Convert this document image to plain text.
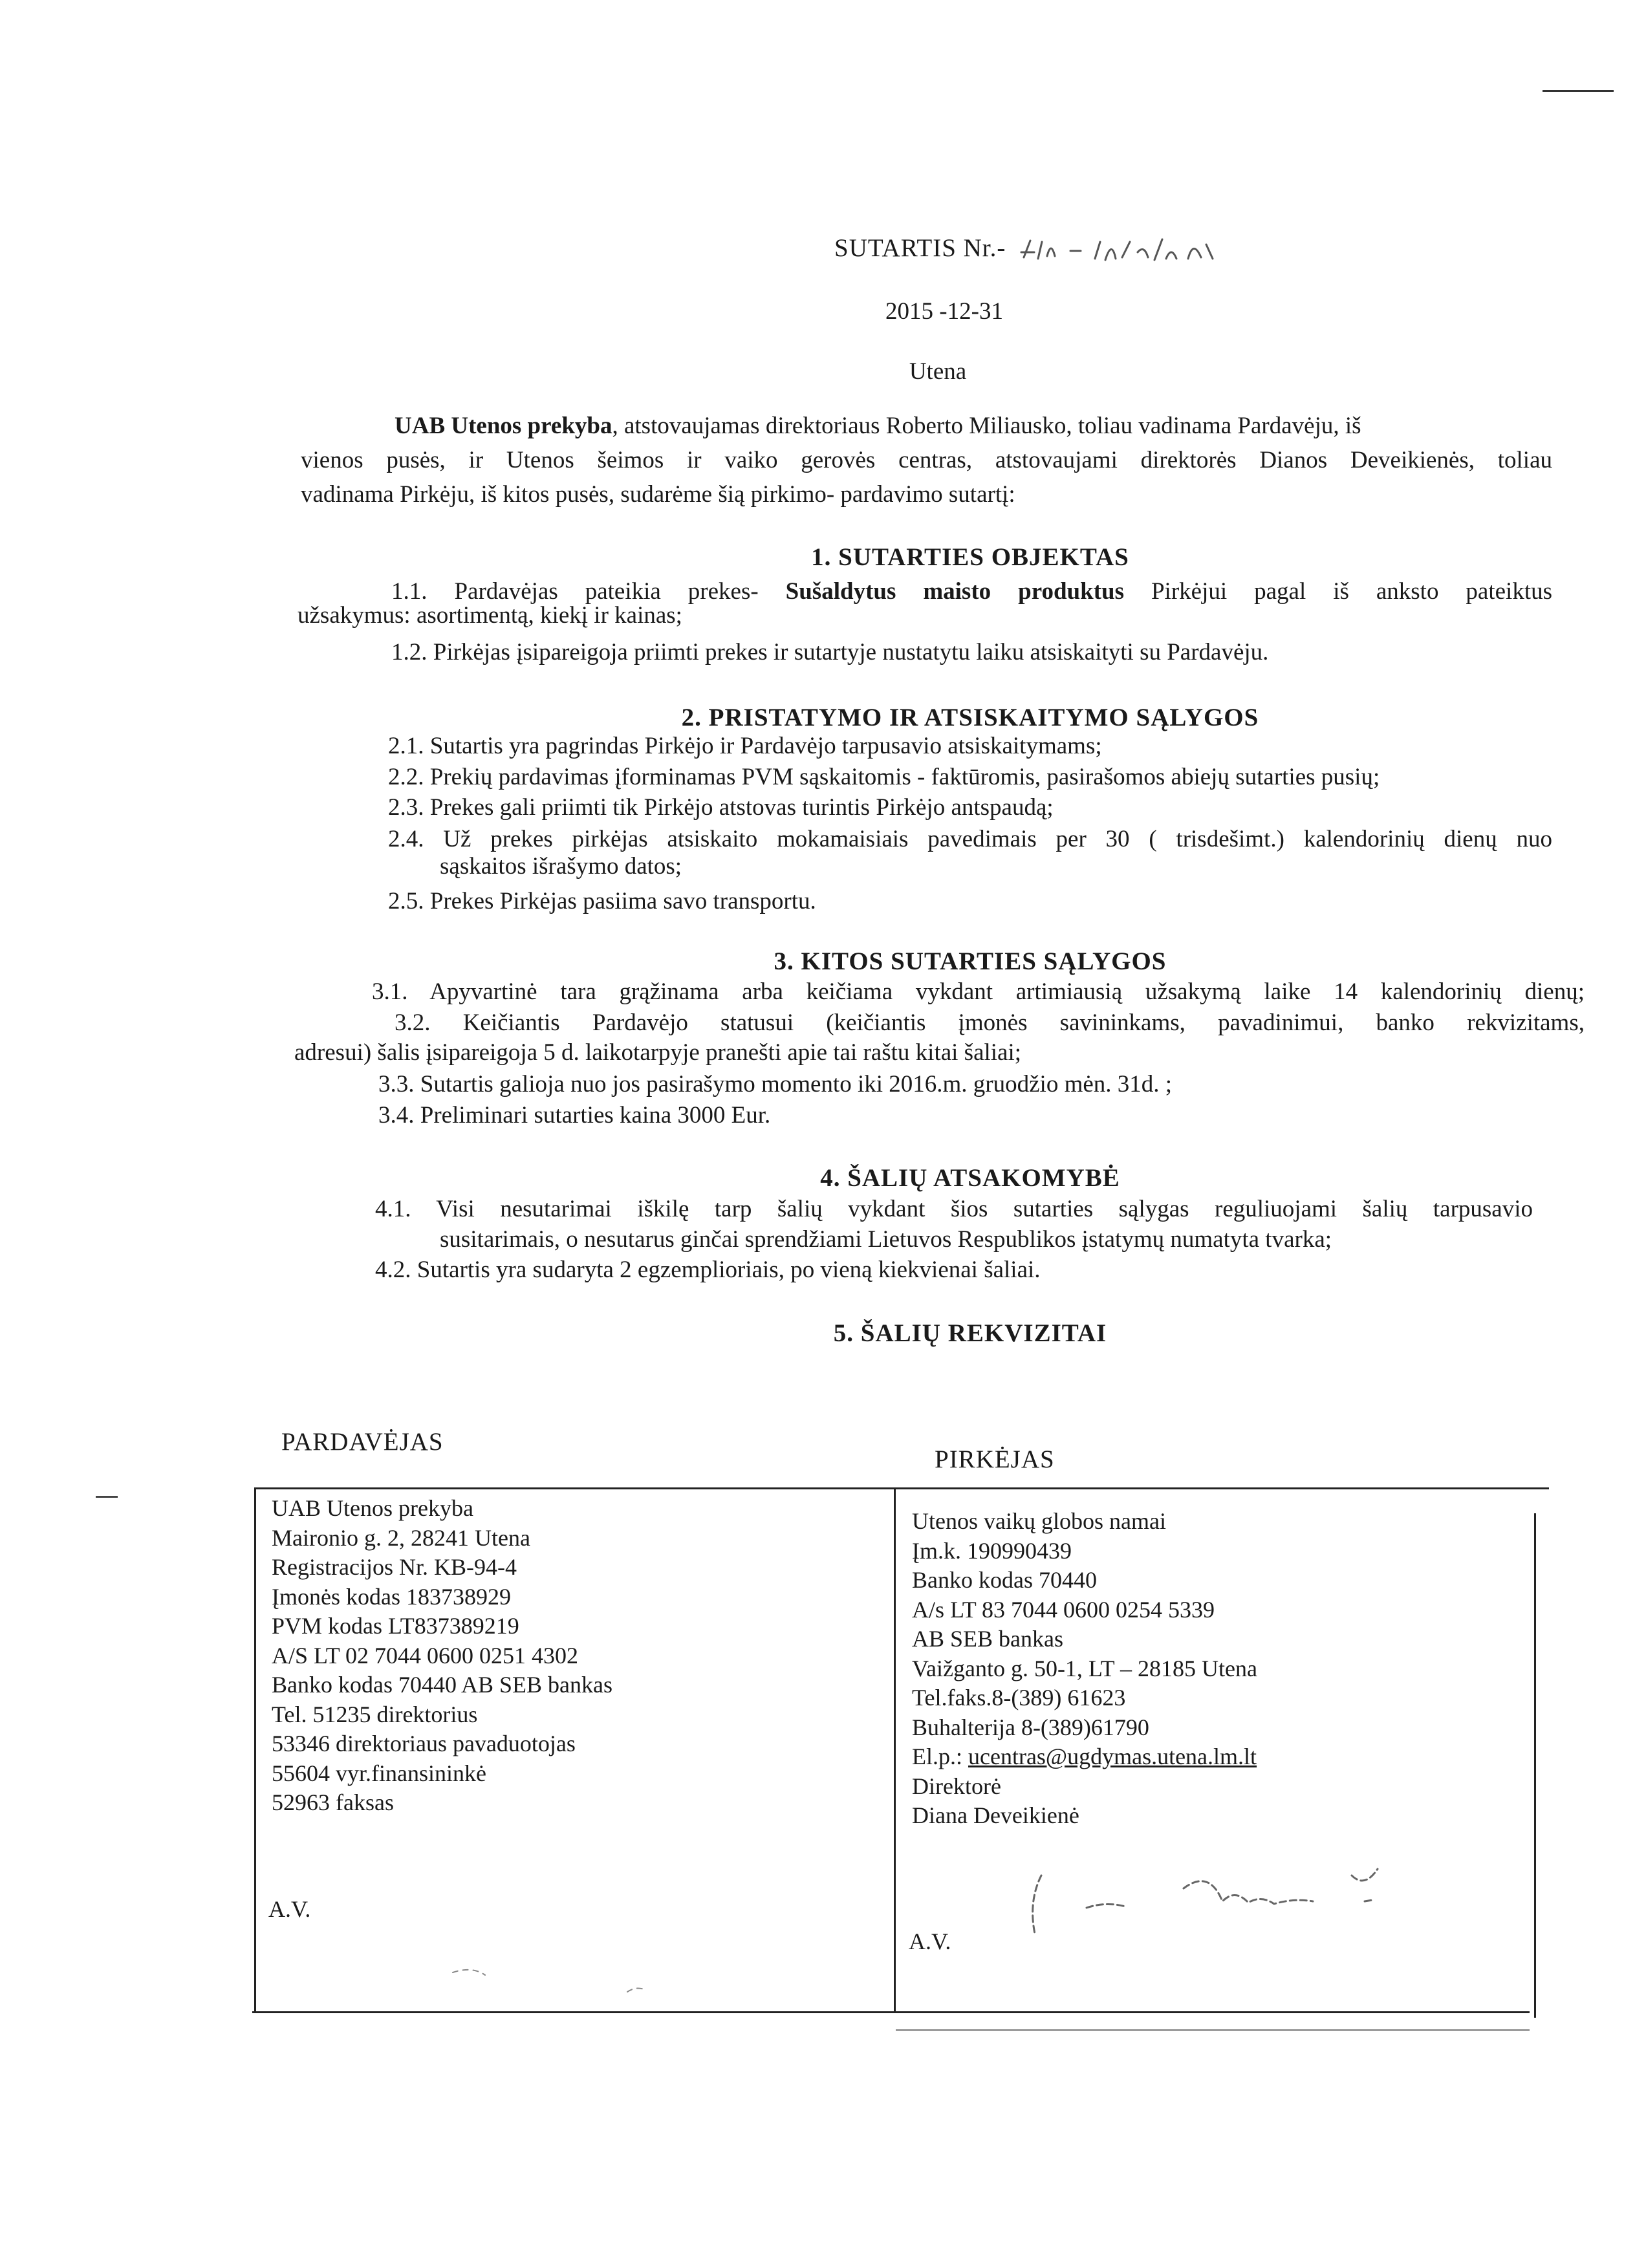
SUTARTIS Nr.-
2015 -12-31
Utena
UAB Utenos prekyba, atstovaujamas direktoriaus Roberto Miliausko, toliau vadinama Pardavėju, iš
vienos pusės, ir Utenos šeimos ir vaiko gerovės centras, atstovaujami direktorės Dianos Deveikienės, toliau
vadinama Pirkėju, iš kitos pusės, sudarėme šią pirkimo- pardavimo sutartį:
1. SUTARTIES OBJEKTAS
1.1. Pardavėjas pateikia prekes- Sušaldytus maisto produktus Pirkėjui pagal iš anksto pateiktus
užsakymus: asortimentą, kiekį ir kainas;
1.2. Pirkėjas įsipareigoja priimti prekes ir sutartyje nustatytu laiku atsiskaityti su Pardavėju.
2. PRISTATYMO IR ATSISKAITYMO SĄLYGOS
2.1. Sutartis yra pagrindas Pirkėjo ir Pardavėjo tarpusavio atsiskaitymams;
2.2. Prekių pardavimas įforminamas PVM sąskaitomis - faktūromis, pasirašomos abiejų sutarties pusių;
2.3. Prekes gali priimti tik Pirkėjo atstovas turintis Pirkėjo antspaudą;
2.4. Už prekes pirkėjas atsiskaito mokamaisiais pavedimais per 30 ( trisdešimt.) kalendorinių dienų nuo
sąskaitos išrašymo datos;
2.5. Prekes Pirkėjas pasiima savo transportu.
3. KITOS SUTARTIES SĄLYGOS
3.1. Apyvartinė tara grąžinama arba keičiama vykdant artimiausią užsakymą laike 14 kalendorinių dienų;
3.2. Keičiantis Pardavėjo statusui (keičiantis įmonės savininkams, pavadinimui, banko rekvizitams,
adresui) šalis įsipareigoja 5 d. laikotarpyje pranešti apie tai raštu kitai šaliai;
3.3. Sutartis galioja nuo jos pasirašymo momento iki 2016.m. gruodžio mėn. 31d. ;
3.4. Preliminari sutarties kaina 3000 Eur.
4. ŠALIŲ ATSAKOMYBĖ
4.1. Visi nesutarimai iškilę tarp šalių vykdant šios sutarties sąlygas reguliuojami šalių tarpusavio
susitarimais, o nesutarus ginčai sprendžiami Lietuvos Respublikos įstatymų numatyta tvarka;
4.2. Sutartis yra sudaryta 2 egzemplioriais, po vieną kiekvienai šaliai.
5. ŠALIŲ REKVIZITAI
PARDAVĖJAS
PIRKĖJAS
UAB Utenos prekyba
Maironio g. 2, 28241 Utena
Registracijos Nr. KB-94-4
Įmonės kodas 183738929
PVM kodas LT837389219
A/S LT 02 7044 0600 0251 4302
Banko kodas 70440 AB SEB bankas
Tel. 51235 direktorius
53346 direktoriaus pavaduotojas
55604 vyr.finansininkė
52963 faksas
A.V.
Utenos vaikų globos namai
Įm.k. 190990439
Banko kodas 70440
A/s LT 83 7044 0600 0254 5339
AB SEB bankas
Vaižganto g. 50-1, LT – 28185 Utena
Tel.faks.8-(389) 61623
Buhalterija 8-(389)61790
El.p.: ucentras@ugdymas.utena.lm.lt
Direktorė
Diana Deveikienė
A.V.
